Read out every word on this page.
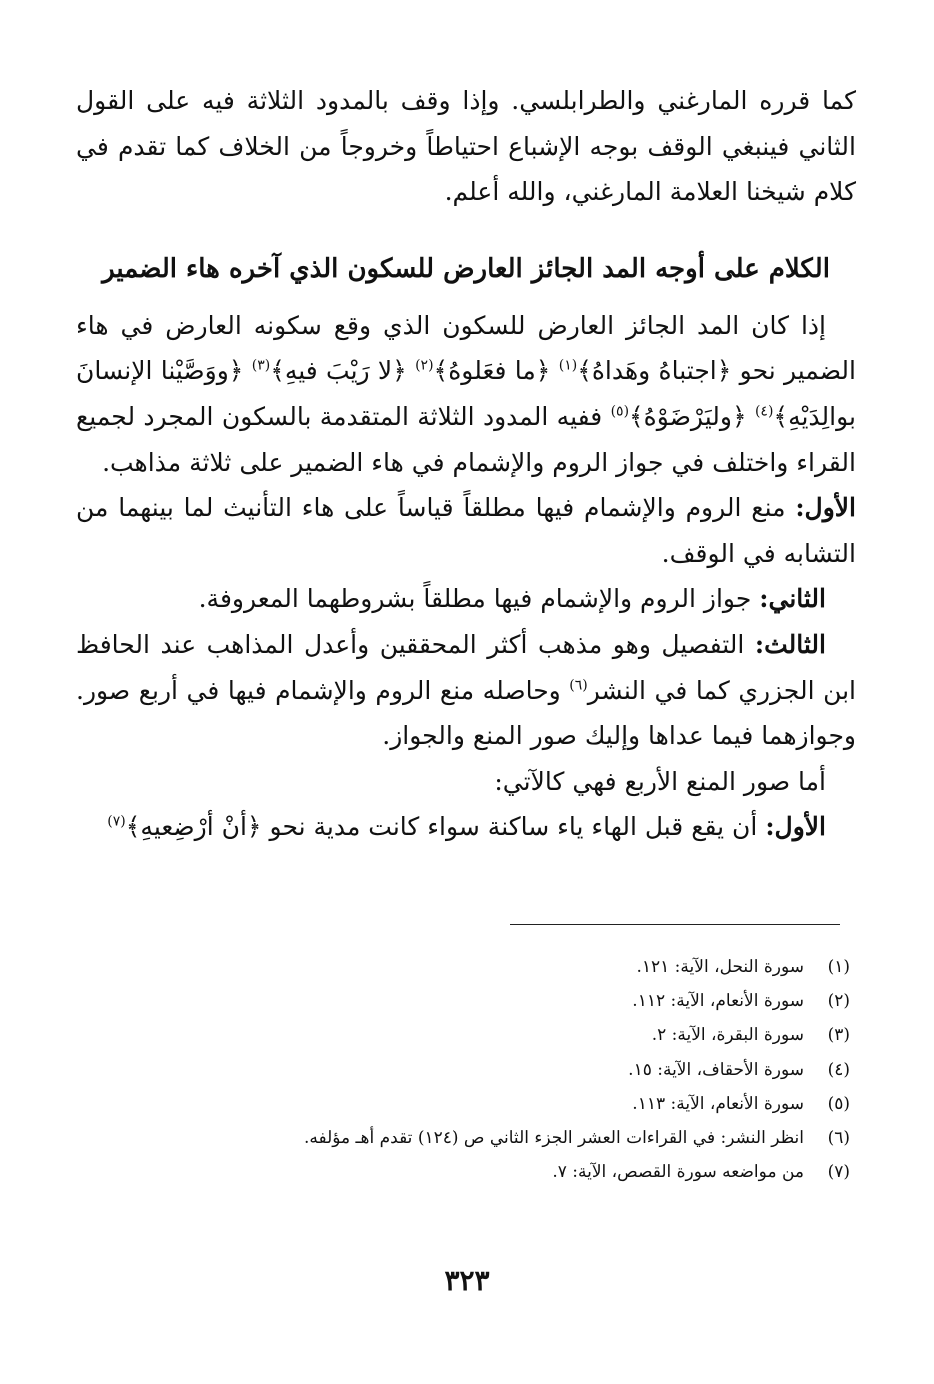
كما قرره المارغني والطرابلسي. وإذا وقف بالمدود الثلاثة فيه على القول الثاني فينبغي الوقف بوجه الإشباع احتياطاً وخروجاً من الخلاف كما تقدم في كلام شيخنا العلامة المارغني، والله أعلم.

الكلام على أوجه المد الجائز العارض للسكون الذي آخره هاء الضمير

إذا كان المد الجائز العارض للسكون الذي وقع سكونه العارض في هاء الضمير نحو ﴿اجتباهُ وهَداهُ﴾$^{(١)}$ ﴿ما فعَلوهُ﴾$^{(٢)}$ ﴿لا رَيْبَ فيهِ﴾$^{(٣)}$ ﴿ووَصَّيْنا الإنسانَ بوالِدَيْهِ﴾$^{(٤)}$ ﴿وليَرْضَوْهُ﴾$^{(٥)}$ ففيه المدود الثلاثة المتقدمة بالسكون المجرد لجميع القراء واختلف في جواز الروم والإشمام في هاء الضمير على ثلاثة مذاهب.

الأول: منع الروم والإشمام فيها مطلقاً قياساً على هاء التأنيث لما بينهما من التشابه في الوقف.

الثاني: جواز الروم والإشمام فيها مطلقاً بشروطهما المعروفة.

الثالث: التفصيل وهو مذهب أكثر المحققين وأعدل المذاهب عند الحافظ ابن الجزري كما في النشر$^{(٦)}$ وحاصله منع الروم والإشمام فيها في أربع صور. وجوازهما فيما عداها وإليك صور المنع والجواز.

أما صور المنع الأربع فهي كالآتي:

الأول: أن يقع قبل الهاء ياء ساكنة سواء كانت مدية نحو ﴿أنْ أرْضِعيهِ﴾$^{(٧)}$

(١)
سورة النحل، الآية: ١٢١.
(٢)
سورة الأنعام، الآية: ١١٢.
(٣)
سورة البقرة، الآية: ٢.
(٤)
سورة الأحقاف، الآية: ١٥.
(٥)
سورة الأنعام، الآية: ١١٣.
(٦)
انظر النشر: في القراءات العشر الجزء الثاني ص (١٢٤) تقدم أهـ مؤلفه.
(٧)
من مواضعه سورة القصص، الآية: ٧.
٣٢٣
